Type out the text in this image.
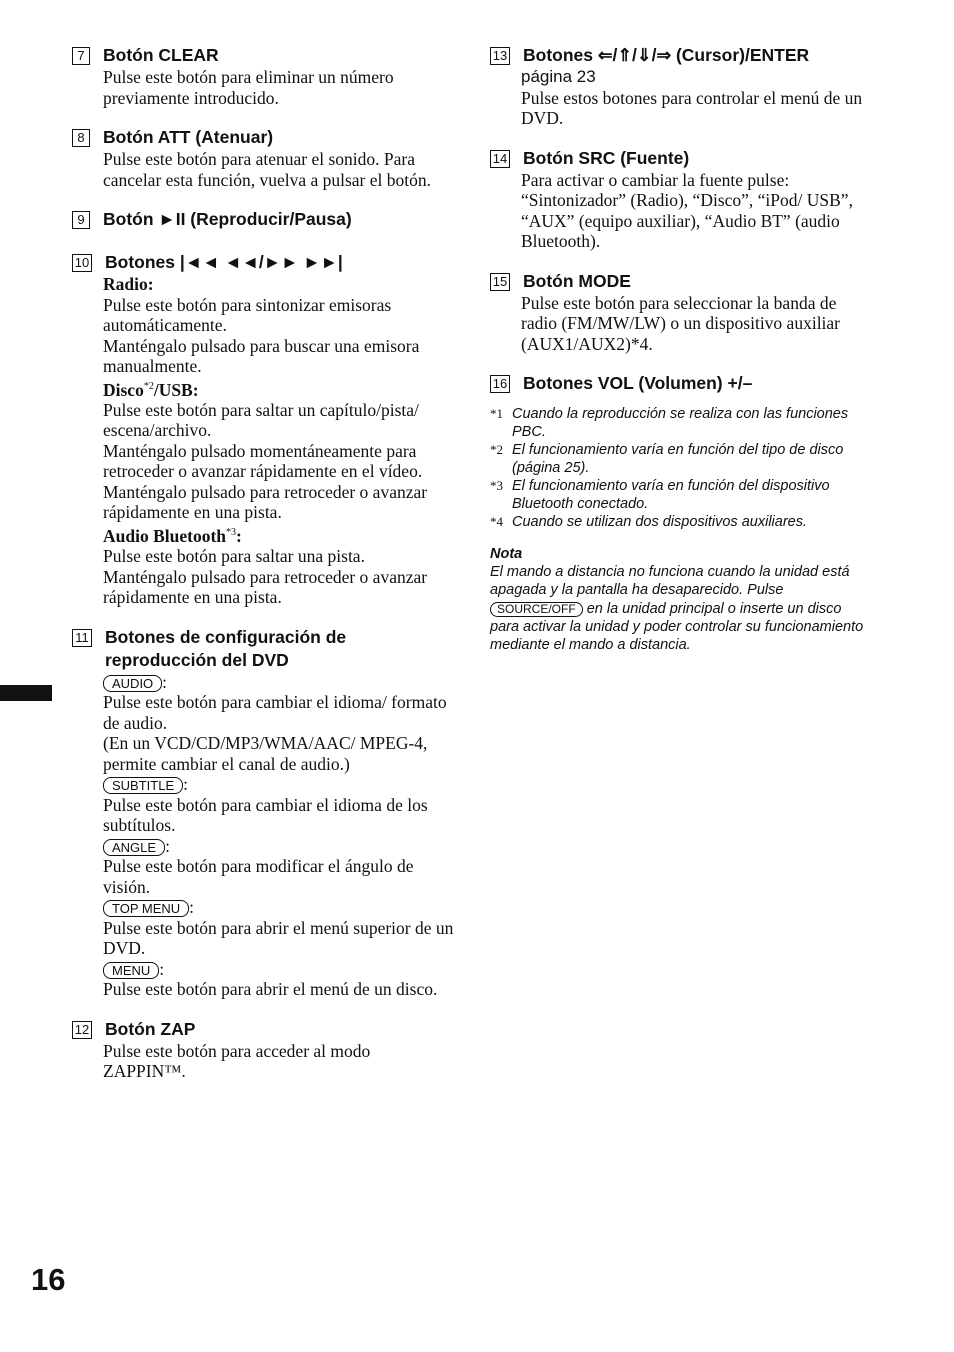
7	Botón CLEAR

Pulse este botón para eliminar un número previamente introducido.

8	Botón ATT (Atenuar)

Pulse este botón para atenuar el sonido. Para cancelar esta función, vuelva a pulsar el botón.

9	Botón ►II (Reproducir/Pausa)
10 Botones |◄◄ ◄◄/►► ►►|

Radio:

Pulse este botón para sintonizar emisoras automáticamente.

Manténgalo pulsado para buscar una emisora manualmente.

Disco$^{*2}$/USB:

Pulse este botón para saltar un capítulo/pista/ escena/archivo.

Manténgalo pulsado momentáneamente para retroceder o avanzar rápidamente en el vídeo.

Manténgalo pulsado para retroceder o avanzar rápidamente en una pista.

Audio Bluetooth$^{*3}$:

Pulse este botón para saltar una pista.

Manténgalo pulsado para retroceder o avanzar rápidamente en una pista.

11 Botones de configuración de reproducción del DVD

AUDIO :

Pulse este botón para cambiar el idioma/ formato de audio.

(En un VCD/CD/MP3/WMA/AAC/ MPEG-4, permite cambiar el canal de audio.)

SUBTITLE :

Pulse este botón para cambiar el idioma de los subtítulos.

ANGLE :

Pulse este botón para modificar el ángulo de visión.

TOP MENU :

Pulse este botón para abrir el menú superior de un DVD.

MENU :

Pulse este botón para abrir el menú de un disco.

12 Botón ZAP

Pulse este botón para acceder al modo ZAPPIN™.

13 Botones ⇐/⇑/⇓/⇒ (Cursor)/ENTER

página 23

Pulse estos botones para controlar el menú de un DVD.

14 Botón SRC (Fuente)

Para activar o cambiar la fuente pulse: “Sintonizador” (Radio), “Disco”, “iPod/ USB”, “AUX” (equipo auxiliar), “Audio BT” (audio Bluetooth).

15 Botón MODE

Pulse este botón para seleccionar la banda de radio (FM/MW/LW) o un dispositivo auxiliar (AUX1/AUX2)*4.

16 Botones VOL (Volumen) +/–
*1 Cuando la reproducción se realiza con las funciones PBC.
*2 El funcionamiento varía en función del tipo de disco (página 25).
*3 El funcionamiento varía en función del dispositivo Bluetooth conectado.
*4 Cuando se utilizan dos dispositivos auxiliares.
Nota
El mando a distancia no funciona cuando la unidad está apagada y la pantalla ha desaparecido. Pulse SOURCE/OFF en la unidad principal o inserte un disco para activar la unidad y poder controlar su funcionamiento mediante el mando a distancia.
16
